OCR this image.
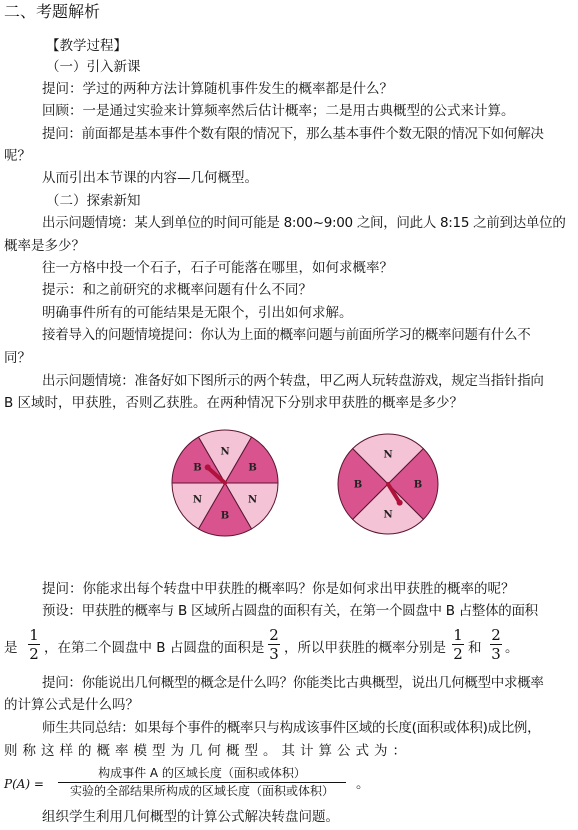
二、考题解析
【教学过程】
（一）引入新课
提问：学过的两种方法计算随机事件发生的概率都是什么？
回顾：一是通过实验来计算频率然后估计概率；二是用古典概型的公式来计算。
提问：前面都是基本事件个数有限的情况下，那么基本事件个数无限的情况下如何解决
呢？
从而引出本节课的内容—几何概型。
（二）探索新知
出示问题情境：某人到单位的时间可能是 8:00~9:00 之间，问此人 8:15 之前到达单位的
概率是多少？
往一方格中投一个石子，石子可能落在哪里，如何求概率？
提示：和之前研究的求概率问题有什么不同？
明确事件所有的可能结果是无限个，引出如何求解。
接着导入的问题情境提问：你认为上面的概率问题与前面所学习的概率问题有什么不
同？
出示问题情境：准备好如下图所示的两个转盘，甲乙两人玩转盘游戏，规定当指针指向
B 区域时，甲获胜，否则乙获胜。在两种情况下分别求甲获胜的概率是多少？
N
B
N
B
N
B
N
B
N
B
提问：你能求出每个转盘中甲获胜的概率吗？你是如何求出甲获胜的概率的呢？
预设：甲获胜的概率与 B 区域所占圆盘的面积有关，在第一个圆盘中 B 占整体的面积
是
1
2 ，在第二个圆盘中 B 占圆盘的面积是
2
3 ，所以甲获胜的概率分别是
1
2 和
2
3 。
提问：你能说出几何概型的概念是什么吗？你能类比古典概型，说出几何概型中求概率
的计算公式是什么吗？
师生共同总结：如果每个事件的概率只与构成该事件区域的长度(面积或体积)成比例，
则称这样的概率模型为几何概型。其计算公式为：
P(A) =
构成事件 A 的区域长度（面积或体积）
实验的全部结果所构成的区域长度（面积或体积）	。
组织学生利用几何概型的计算公式解决转盘问题。
